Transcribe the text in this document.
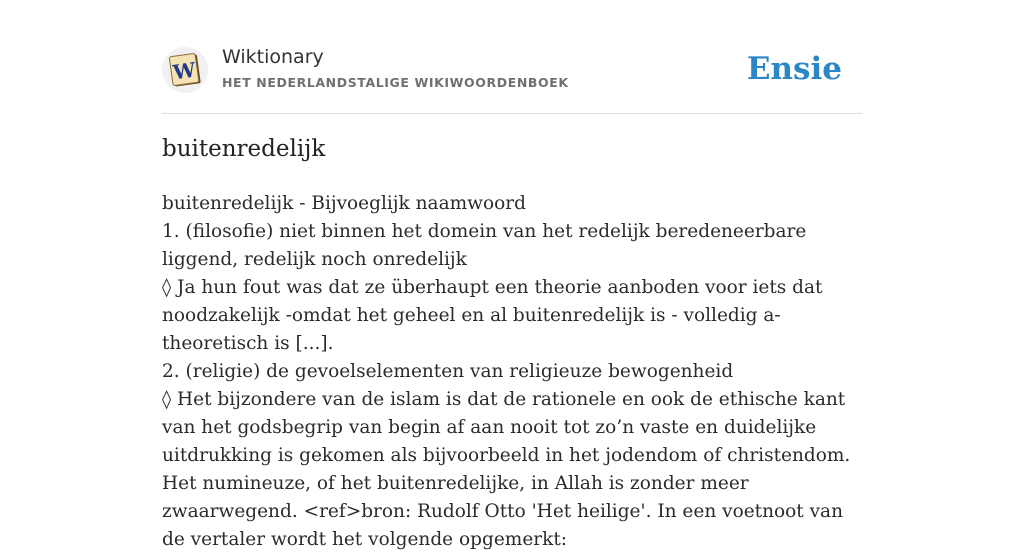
W
Wiktionary
HET NEDERLANDSTALIGE WIKIWOORDENBOEK	Ensie
buitenredelijk

buitenredelijk - Bijvoeglijk naamwoord

1. (filosofie) niet binnen het domein van het redelijk beredeneerbare liggend, redelijk noch onredelijk

◊ Ja hun fout was dat ze überhaupt een theorie aanboden voor iets dat noodzakelijk -omdat het geheel en al buitenredelijk is - volledig a-theoretisch is [...].

2. (religie) de gevoelselementen van religieuze bewogenheid

◊ Het bijzondere van de islam is dat de rationele en ook de ethische kant van het godsbegrip van begin af aan nooit tot zo’n vaste en duidelijke uitdrukking is gekomen als bijvoorbeeld in het jodendom of christendom. Het numineuze, of het buitenredelijke, in Allah is zonder meer zwaarwegend. <ref>bron: Rudolf Otto 'Het heilige'. In een voetnoot van de vertaler wordt het volgende opgemerkt:
